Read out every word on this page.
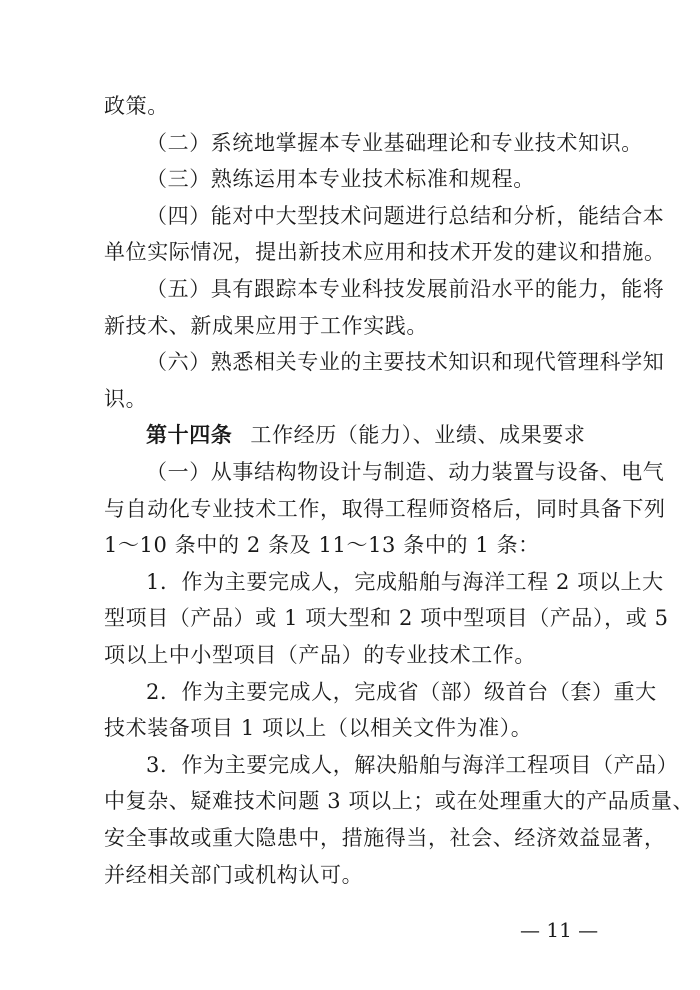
政策。
（二）系统地掌握本专业基础理论和专业技术知识。
（三）熟练运用本专业技术标准和规程。
（四）能对中大型技术问题进行总结和分析，能结合本
单位实际情况，提出新技术应用和技术开发的建议和措施。
（五）具有跟踪本专业科技发展前沿水平的能力，能将
新技术、新成果应用于工作实践。
（六）熟悉相关专业的主要技术知识和现代管理科学知
识。
第十四条 工作经历（能力）、业绩、成果要求
（一）从事结构物设计与制造、动力装置与设备、电气
与自动化专业技术工作，取得工程师资格后，同时具备下列
1～10 条中的 2 条及 11～13 条中的 1 条：
1．作为主要完成人，完成船舶与海洋工程 2 项以上大
型项目（产品）或 1 项大型和 2 项中型项目（产品），或 5
项以上中小型项目（产品）的专业技术工作。
2．作为主要完成人，完成省（部）级首台（套）重大
技术装备项目 1 项以上（以相关文件为准）。
3．作为主要完成人，解决船舶与海洋工程项目（产品）
中复杂、疑难技术问题 3 项以上；或在处理重大的产品质量、
安全事故或重大隐患中，措施得当，社会、经济效益显著，
并经相关部门或机构认可。
— 11 —
